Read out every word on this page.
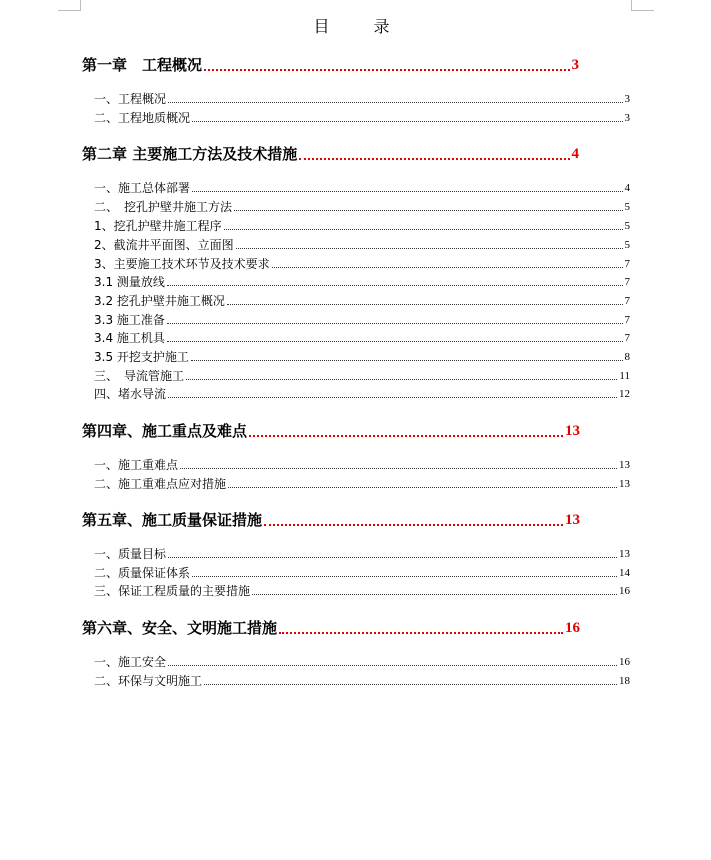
目　录
第一章　工程概况	3
一、工程概况	3
二、工程地质概况	3
第二章 主要施工方法及技术措施	4
一、施工总体部署	4
二、　挖孔护壁井施工方法	5
1、挖孔护壁井施工程序	5
2、截流井平面图、立面图	5
3、主要施工技术环节及技术要求	7
3.1 测量放线	7
3.2 挖孔护壁井施工概况	7
3.3 施工准备	7
3.4 施工机具	7
3.5 开挖支护施工	8
三、　导流管施工	11
四、堵水导流	12
第四章、施工重点及难点	13
一、施工重难点	13
二、施工重难点应对措施	13
第五章、施工质量保证措施	13
一、质量目标	13
二、质量保证体系	14
三、保证工程质量的主要措施	16
第六章、安全、文明施工措施	16
一、施工安全	16
二、环保与文明施工	18
